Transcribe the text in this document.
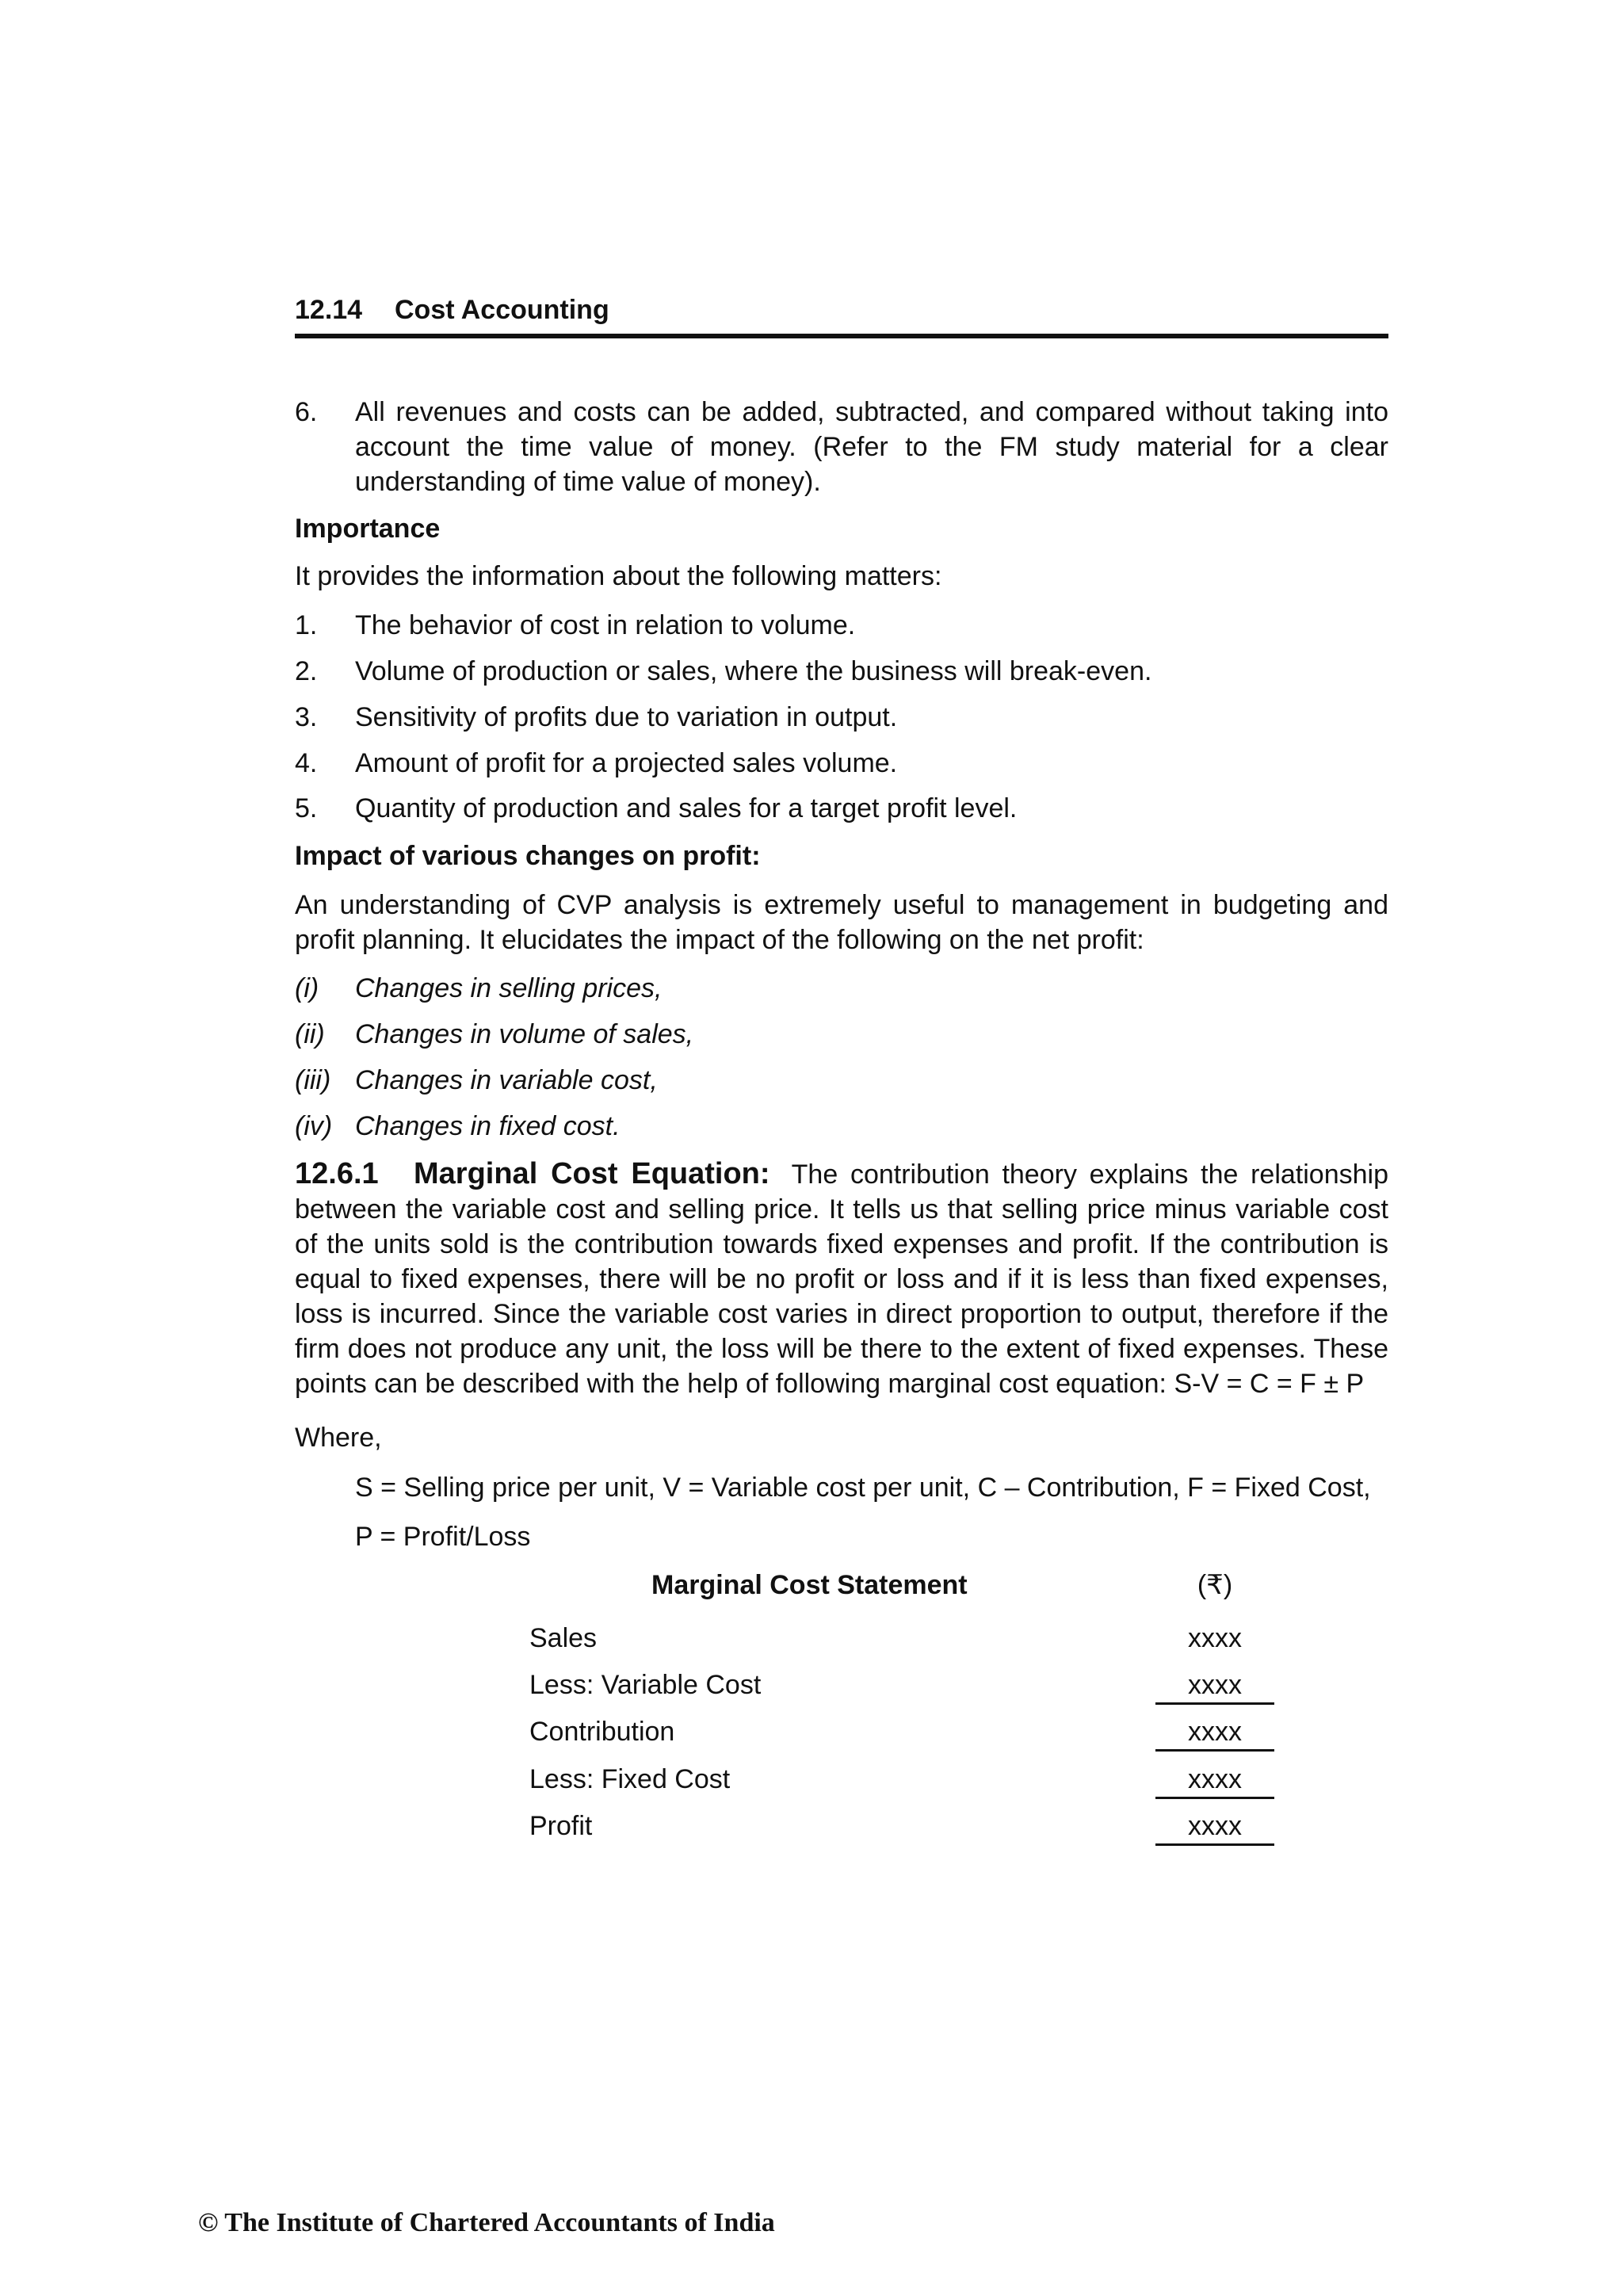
12.14 Cost Accounting
6. All revenues and costs can be added, subtracted, and compared without taking into account the time value of money. (Refer to the FM study material for a clear understanding of time value of money).
Importance
It provides the information about the following matters:
1. The behavior of cost in relation to volume.
2. Volume of production or sales, where the business will break-even.
3. Sensitivity of profits due to variation in output.
4. Amount of profit for a projected sales volume.
5. Quantity of production and sales for a target profit level.
Impact of various changes on profit:
An understanding of CVP analysis is extremely useful to management in budgeting and profit planning. It elucidates the impact of the following on the net profit:
(i) Changes in selling prices,
(ii) Changes in volume of sales,
(iii) Changes in variable cost,
(iv) Changes in fixed cost.
12.6.1 Marginal Cost Equation: The contribution theory explains the relationship between the variable cost and selling price. It tells us that selling price minus variable cost of the units sold is the contribution towards fixed expenses and profit. If the contribution is equal to fixed expenses, there will be no profit or loss and if it is less than fixed expenses, loss is incurred. Since the variable cost varies in direct proportion to output, therefore if the firm does not produce any unit, the loss will be there to the extent of fixed expenses. These points can be described with the help of following marginal cost equation: S-V = C = F ± P
Where,
S = Selling price per unit, V = Variable cost per unit, C – Contribution, F = Fixed Cost,
P = Profit/Loss
Marginal Cost Statement	(₹)
Sales	xxxx
Less: Variable Cost	xxxx
Contribution	xxxx
Less: Fixed Cost	xxxx
Profit	xxxx
© The Institute of Chartered Accountants of India
